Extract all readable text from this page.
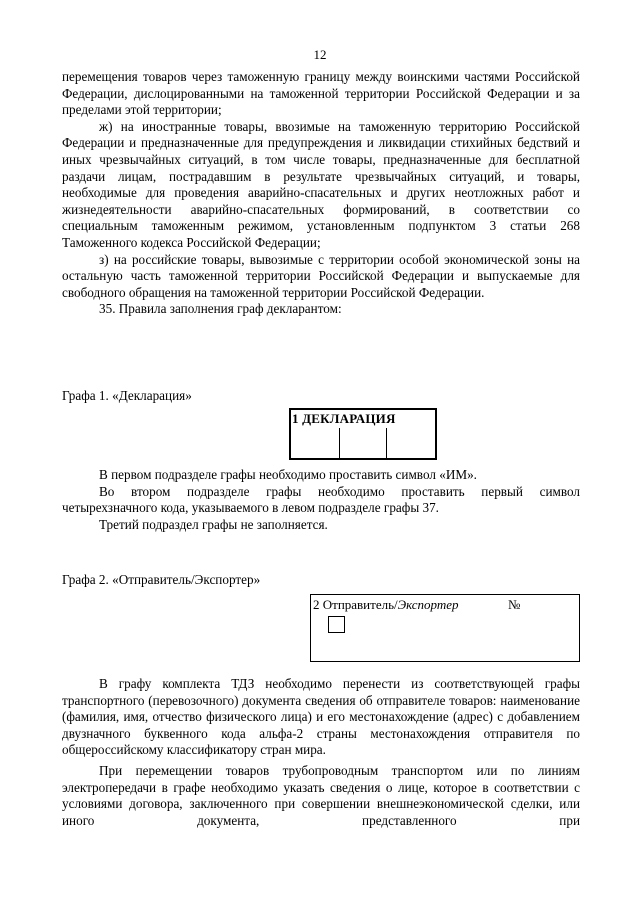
12

перемещения товаров через таможенную границу между воинскими частями Российской Федерации, дислоцированными на таможенной территории Российской Федерации и за пределами этой территории;

ж) на иностранные товары, ввозимые на таможенную территорию Российской Федерации и предназначенные для предупреждения и ликвидации стихийных бедствий и иных чрезвычайных ситуаций, в том числе товары, предназначенные для бесплатной раздачи лицам, пострадавшим в результате чрезвычайных ситуаций, и товары, необходимые для проведения аварийно-спасательных и других неотложных работ и жизнедеятельности аварийно-спасательных формирований, в соответствии со специальным таможенным режимом, установленным подпунктом 3 статьи 268 Таможенного кодекса Российской Федерации;

з) на российские товары, вывозимые с территории особой экономической зоны на остальную часть таможенной территории Российской Федерации и выпускаемые для свободного обращения на таможенной территории Российской Федерации.

35. Правила заполнения граф декларантом:

Графа 1. «Декларация»

1 ДЕКЛАРАЦИЯ

В первом подразделе графы необходимо проставить символ «ИМ».

Во втором подразделе графы необходимо проставить первый символ четырехзначного кода, указываемого в левом подразделе графы 37.

Третий подраздел графы не заполняется.

Графа 2. «Отправитель/Экспортер»

2 Отправитель/Экспортер	№

В графу комплекта ТДЗ необходимо перенести из соответствующей графы транспортного (перевозочного) документа сведения об отправителе товаров: наименование (фамилия, имя, отчество физического лица) и его местонахождение (адрес) с добавлением двузначного буквенного кода альфа-2 страны местонахождения отправителя по общероссийскому классификатору стран мира.

При перемещении товаров трубопроводным транспортом или по линиям электропередачи в графе необходимо указать сведения о лице, которое в соответствии с условиями договора, заключенного при совершении внешнеэкономической сделки, или иного документа, представленного при
